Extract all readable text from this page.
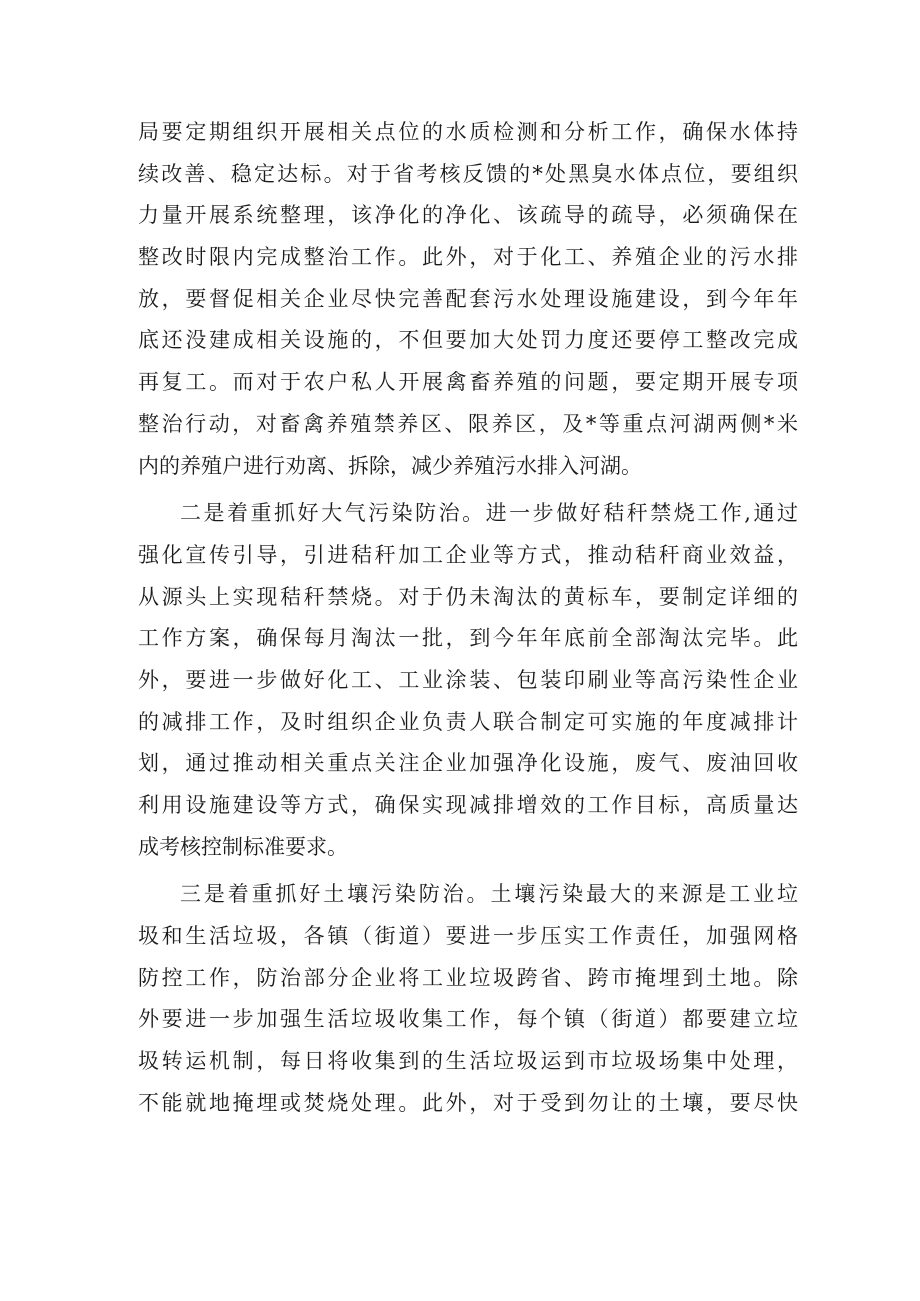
局要定期组织开展相关点位的水质检测和分析工作，确保水体持
续改善、稳定达标。对于省考核反馈的*处黑臭水体点位，要组织
力量开展系统整理，该净化的净化、该疏导的疏导，必须确保在
整改时限内完成整治工作。此外，对于化工、养殖企业的污水排
放，要督促相关企业尽快完善配套污水处理设施建设，到今年年
底还没建成相关设施的，不但要加大处罚力度还要停工整改完成
再复工。而对于农户私人开展禽畜养殖的问题，要定期开展专项
整治行动，对畜禽养殖禁养区、限养区，及*等重点河湖两侧*米
内的养殖户进行劝离、拆除，减少养殖污水排入河湖。
二是着重抓好大气污染防治。进一步做好秸秆禁烧工作,通过
强化宣传引导，引进秸秆加工企业等方式，推动秸秆商业效益，
从源头上实现秸秆禁烧。对于仍未淘汰的黄标车，要制定详细的
工作方案，确保每月淘汰一批，到今年年底前全部淘汰完毕。此
外，要进一步做好化工、工业涂装、包装印刷业等高污染性企业
的减排工作，及时组织企业负责人联合制定可实施的年度减排计
划，通过推动相关重点关注企业加强净化设施，废气、废油回收
利用设施建设等方式，确保实现减排增效的工作目标，高质量达
成考核控制标准要求。
三是着重抓好土壤污染防治。土壤污染最大的来源是工业垃
圾和生活垃圾，各镇（街道）要进一步压实工作责任，加强网格
防控工作，防治部分企业将工业垃圾跨省、跨市掩埋到土地。除
外要进一步加强生活垃圾收集工作，每个镇（街道）都要建立垃
圾转运机制，每日将收集到的生活垃圾运到市垃圾场集中处理，
不能就地掩埋或焚烧处理。此外，对于受到勿让的土壤，要尽快
